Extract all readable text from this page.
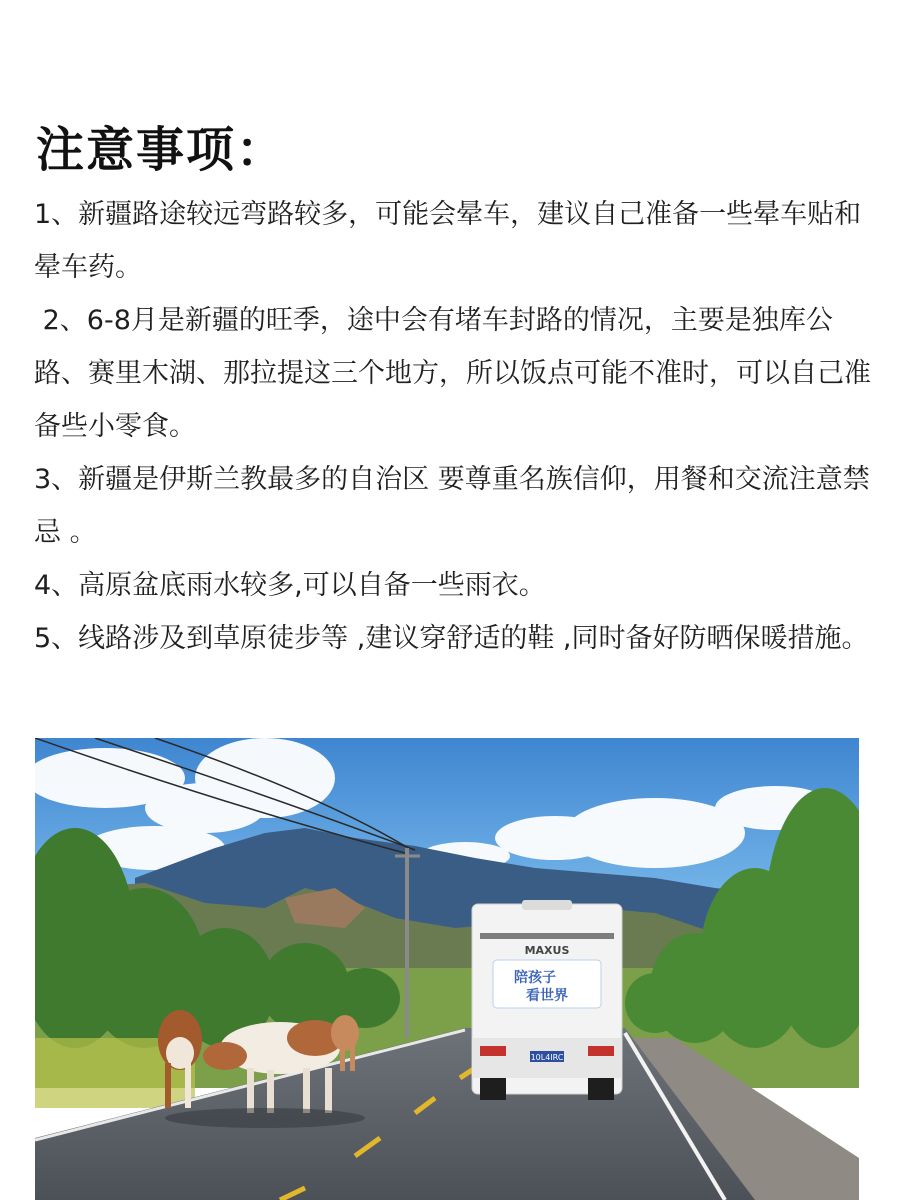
注意事项：

1、新疆路途较远弯路较多，可能会晕车，建议自己准备一些晕车贴和晕车药。

2、6-8月是新疆的旺季，途中会有堵车封路的情况，主要是独库公路、赛里木湖、那拉提这三个地方，所以饭点可能不准时，可以自己准备些小零食。

3、新疆是伊斯兰教最多的自治区 要尊重名族信仰，用餐和交流注意禁忌 。

4、高原盆底雨水较多,可以自备一些雨衣。

5、线路涉及到草原徒步等 ,建议穿舒适的鞋 ,同时备好防晒保暖措施。

MAXUS
陪孩子
看世界
10L4IRC
